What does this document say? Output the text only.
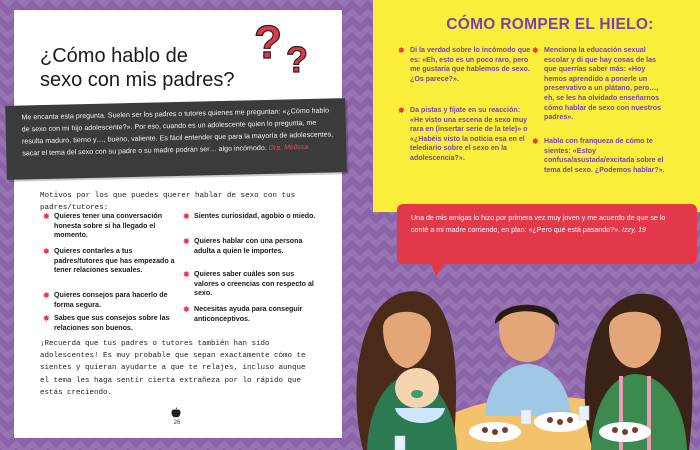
¿Cómo hablo de
sexo con mis padres?
? ?
Me encanta esta pregunta. Suelen ser los padres o tutores quienes me preguntan: «¿Cómo hablo de sexo con mi hijo adolescente?». Por eso, cuando es un adolescente quien lo pregunta, me resulta maduro, tierno y…, bueno, valiente. Es fácil entender que para la mayoría de adolescentes, sacar el tema del sexo con su padre o su madre podrán ser… algo incómodo. Dra. Melissa
Motivos por los que puedes querer hablar de sexo con tus padres/tutores:
✸ Quieres tener una conversación honesta sobre si ha llegado el momento.
✸ Quieres contarles a tus padres/tutores que has empezado a tener relaciones sexuales.
✸ Quieres consejos para hacerlo de forma segura.
✸ Sabes que sus consejos sobre las relaciones son buenos.
✸ Sientes curiosidad, agobio o miedo.
✸ Quieres hablar con una persona adulta a quien le importes.
✸ Quieres saber cuáles son sus valores o creencias con respecto al sexo.
✸ Necesitas ayuda para conseguir anticonceptivos.
¡Recuerda que tus padres o tutores también han sido adolescentes! Es muy probable que sepan exactamente cómo te sientes y quieran ayudarte a que te relajes, incluso aunque el tema les haga sentir cierta extrañeza por lo rápido que estás creciendo.
26
CÓMO ROMPER EL HIELO:
✸ Di la verdad sobre lo incómodo que es: «Eh, esto es un poco raro, pero me gustaría que hablemos de sexo. ¿Os parece?».
✸ Da pistas y fíjate en su reacción: «He visto una escena de sexo muy rara en (insertar serie de la tele)» o «¿Habéis visto la noticia esa en el telediario sobre el sexo en la adolescencia?».
✸ Menciona la educación sexual escolar y di que hay cosas de las que querrías saber más: «Hoy hemos aprendido a ponerle un preservativo a un plátano, pero…, eh, se les ha olvidado enseñarnos cómo hablar de sexo con nuestros padres».
✸ Habla con franqueza de cómo te sientes: «Estoy confusa/asustada/excitada sobre el tema del sexo. ¿Podemos hablar?».
Una de mis amigas lo hizo por primera vez muy joven y me acuerdo de que se lo conté a mi madre corriendo, en plan: «¿Pero qué está pasando?». Izzy, 19
